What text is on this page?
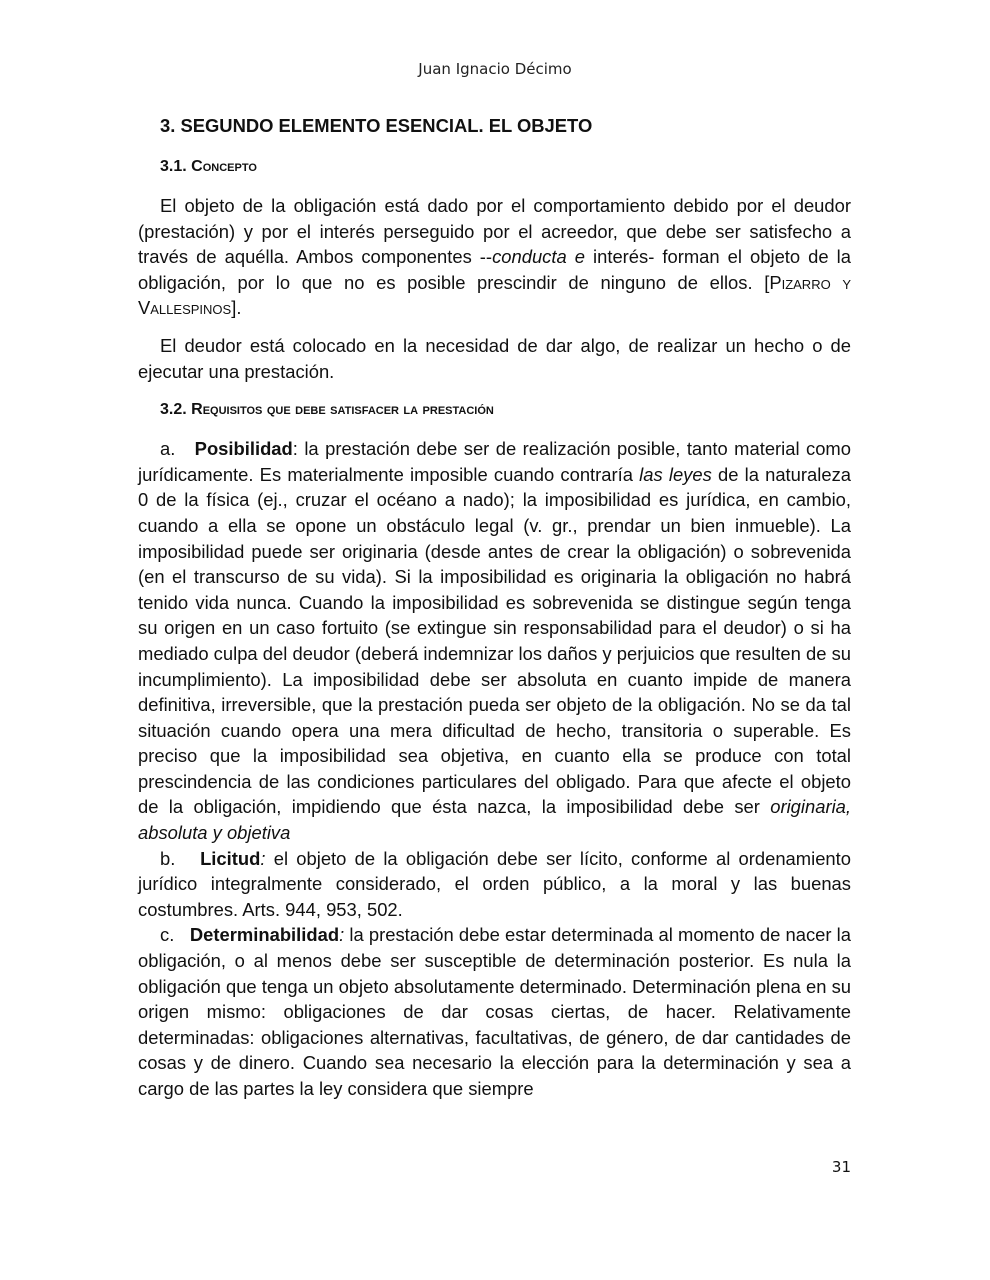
Juan Ignacio Décimo
3. SEGUNDO ELEMENTO ESENCIAL. EL OBJETO
3.1. Concepto

El objeto de la obligación está dado por el comportamiento debido por el deudor (prestación) y por el interés perseguido por el acreedor, que debe ser satisfecho a través de aquélla. Ambos componentes --conducta e interés- forman el objeto de la obligación, por lo que no es posible prescindir de ninguno de ellos. [Pizarro y Vallespinos].

El deudor está colocado en la necesidad de dar algo, de realizar un hecho o de ejecutar una prestación.

3.2. Requisitos que debe satisfacer la prestación

a. Posibilidad: la prestación debe ser de realización posible, tanto material como jurídicamente. Es materialmente imposible cuando contraría las leyes de la naturaleza 0 de la física (ej., cruzar el océano a nado); la imposibilidad es jurídica, en cambio, cuando a ella se opone un obstáculo legal (v. gr., prendar un bien inmueble). La imposibilidad puede ser originaria (desde antes de crear la obligación) o sobrevenida (en el transcurso de su vida). Si la imposibilidad es originaria la obligación no habrá tenido vida nunca. Cuando la imposibilidad es sobrevenida se distingue según tenga su origen en un caso fortuito (se extingue sin responsabilidad para el deudor) o si ha mediado culpa del deudor (deberá indemnizar los daños y perjuicios que resulten de su incumplimiento). La imposibilidad debe ser absoluta en cuanto impide de manera definitiva, irreversible, que la prestación pueda ser objeto de la obligación. No se da tal situación cuando opera una mera dificultad de hecho, transitoria o superable. Es preciso que la imposibilidad sea objetiva, en cuanto ella se produce con total prescindencia de las condiciones particulares del obligado. Para que afecte el objeto de la obligación, impidiendo que ésta nazca, la imposibilidad debe ser originaria, absoluta y objetiva

b. Licitud: el objeto de la obligación debe ser lícito, conforme al ordenamiento jurídico integralmente considerado, el orden público, a la moral y las buenas costumbres. Arts. 944, 953, 502.

c. Determinabilidad: la prestación debe estar determinada al momento de nacer la obligación, o al menos debe ser susceptible de determinación posterior. Es nula la obligación que tenga un objeto absolutamente determinado. Determinación plena en su origen mismo: obligaciones de dar cosas ciertas, de hacer. Relativamente determinadas: obligaciones alternativas, facultativas, de género, de dar cantidades de cosas y de dinero. Cuando sea necesario la elección para la determinación y sea a cargo de las partes la ley considera que siempre

31
